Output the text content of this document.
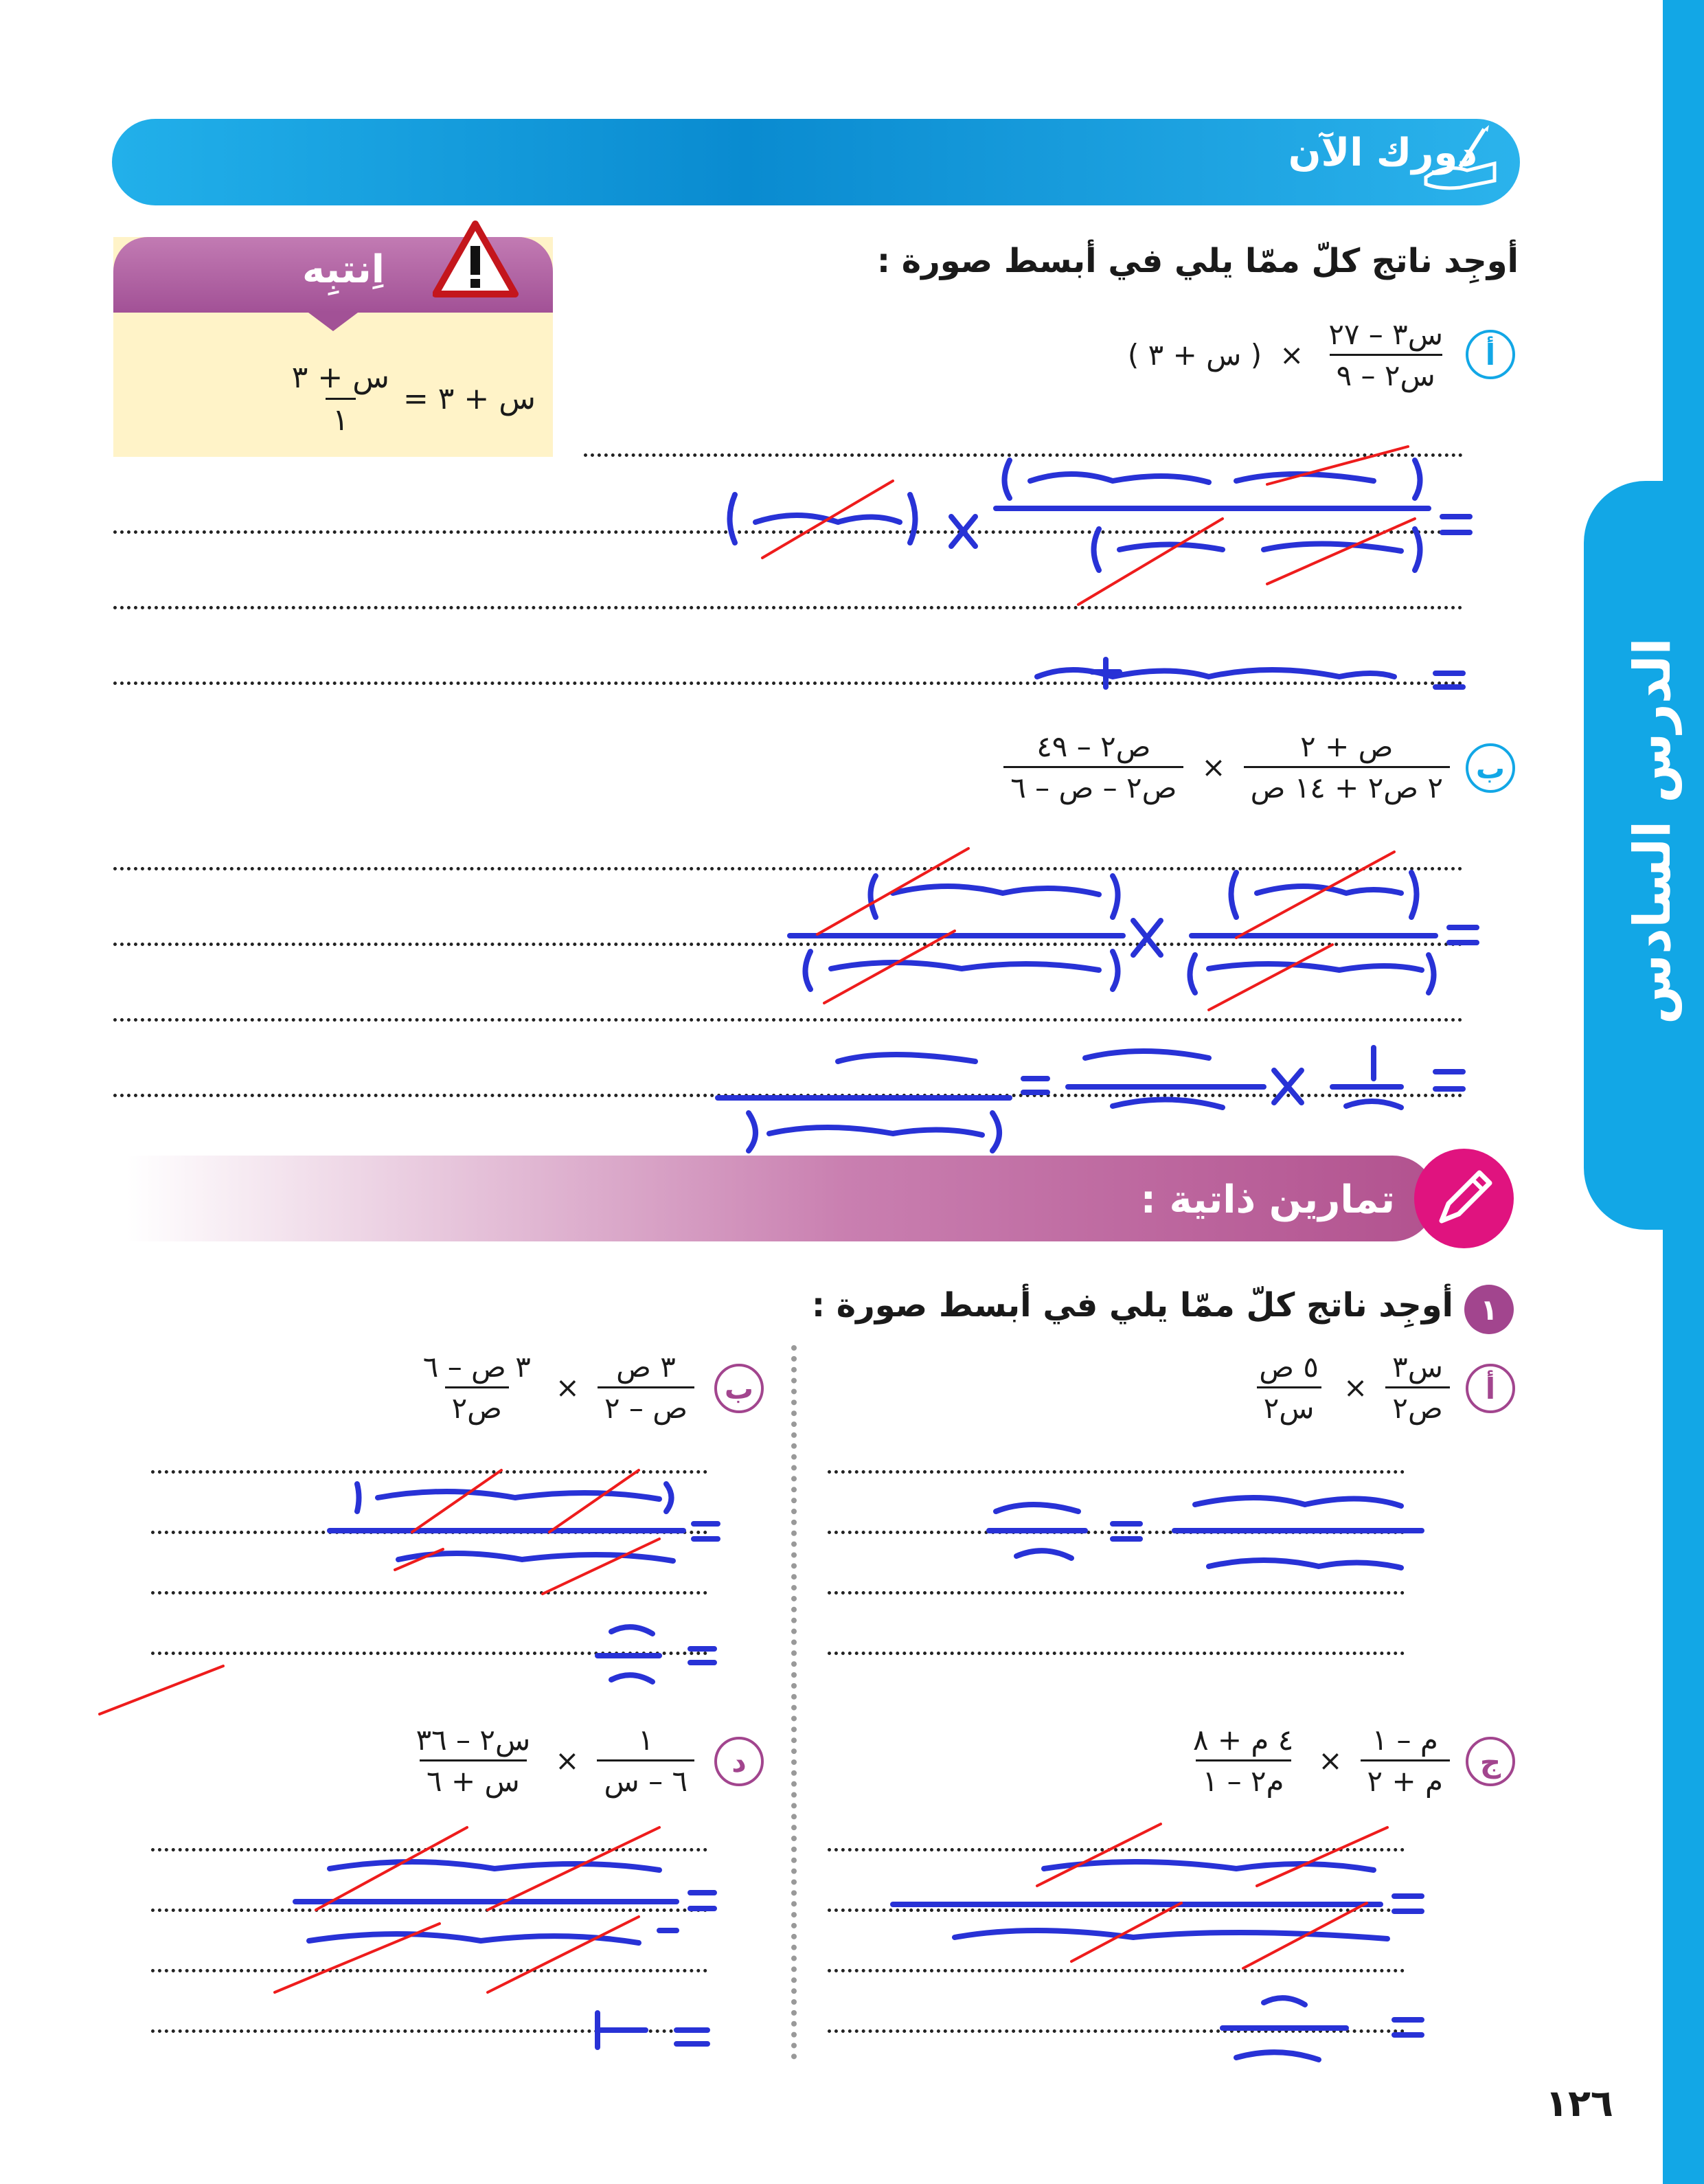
الدرس السادس
دورك الآن
اِنتبِه
س + ٣ =
$\frac{\text{س + ٣}}{١}$
أوجِد ناتج كلّ ممّا يلي في أبسط صورة :
أ
$\frac{\text{س٣ – ٢٧}}{\text{س٢ – ٩}}$
×
( س + ٣ )
ب
$\frac{\text{ص + ٢}}{\text{٢ ص٢ + ١٤ ص}}$
×
$\frac{\text{ص٢ – ٤٩}}{\text{ص٢ – ص – ٦}}$
تمارين ذاتية :
١
أوجِد ناتج كلّ ممّا يلي في أبسط صورة :
أ
$\frac{\text{س٣}}{\text{ص٢}}$
×
$\frac{\text{٥ ص}}{\text{س٢}}$
ب
$\frac{\text{٣ ص}}{\text{ص – ٢}}$
×
$\frac{\text{٣ ص – ٦}}{\text{ص٢}}$
ج
$\frac{\text{م – ١}}{\text{م + ٢}}$
×
$\frac{\text{٤ م + ٨}}{\text{م٢ – ١}}$
د
$\frac{١}{\text{٦ – س}}$
×
$\frac{\text{س٢ – ٣٦}}{\text{س + ٦}}$
١٢٦
